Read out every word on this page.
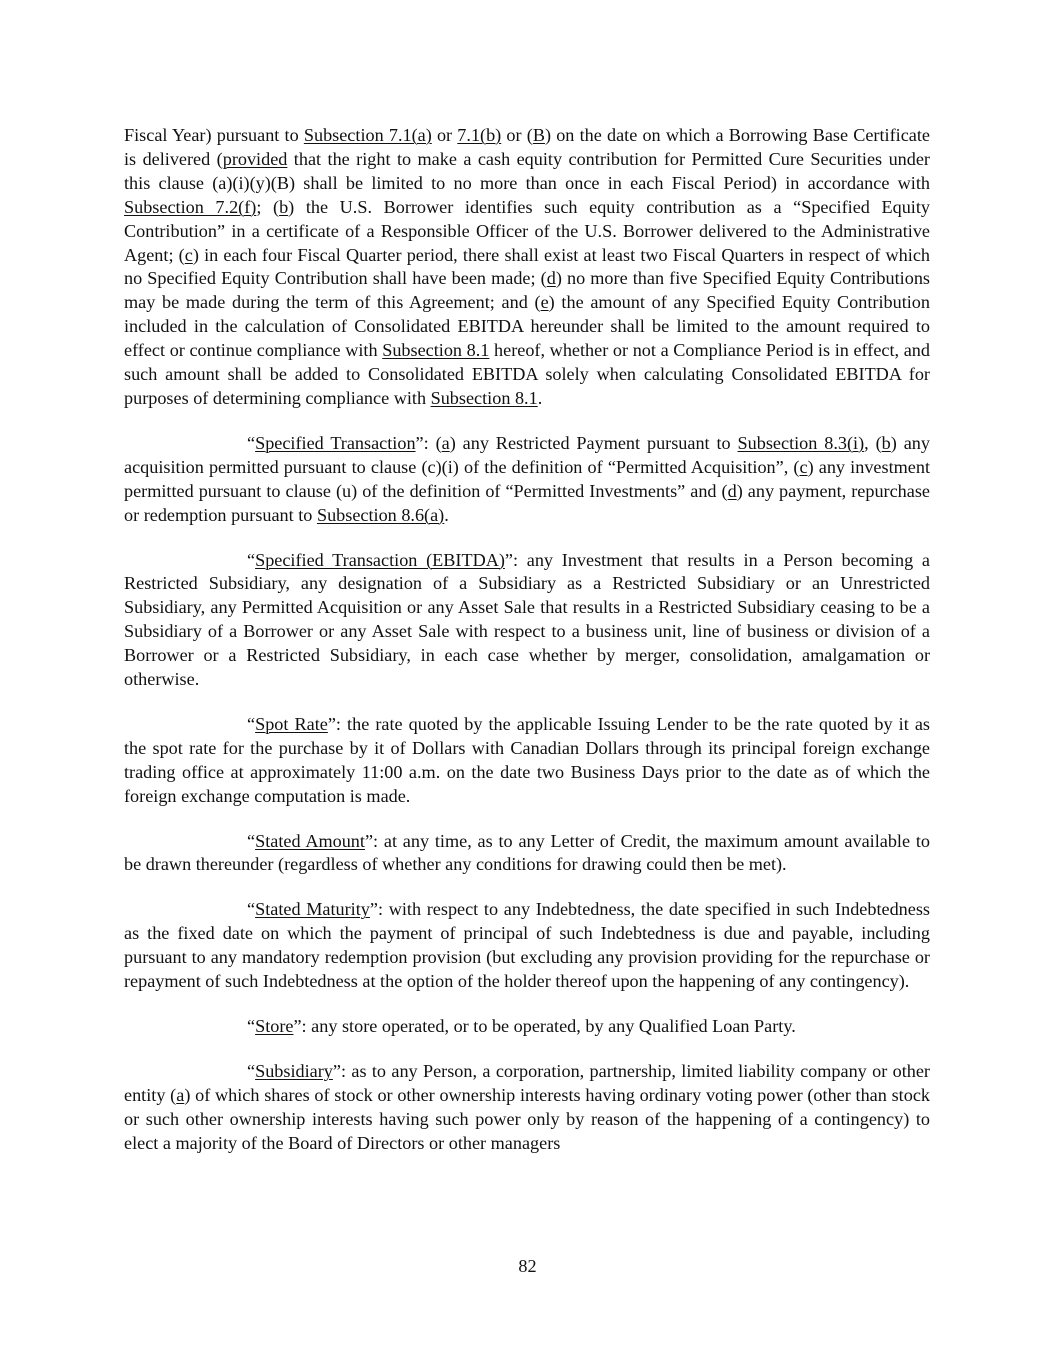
Fiscal Year) pursuant to Subsection 7.1(a) or 7.1(b) or (B) on the date on which a Borrowing Base Certificate is delivered (provided that the right to make a cash equity contribution for Permitted Cure Securities under this clause (a)(i)(y)(B) shall be limited to no more than once in each Fiscal Period) in accordance with Subsection 7.2(f); (b) the U.S. Borrower identifies such equity contribution as a “Specified Equity Contribution” in a certificate of a Responsible Officer of the U.S. Borrower delivered to the Administrative Agent; (c) in each four Fiscal Quarter period, there shall exist at least two Fiscal Quarters in respect of which no Specified Equity Contribution shall have been made; (d) no more than five Specified Equity Contributions may be made during the term of this Agreement; and (e) the amount of any Specified Equity Contribution included in the calculation of Consolidated EBITDA hereunder shall be limited to the amount required to effect or continue compliance with Subsection 8.1 hereof, whether or not a Compliance Period is in effect, and such amount shall be added to Consolidated EBITDA solely when calculating Consolidated EBITDA for purposes of determining compliance with Subsection 8.1.

“Specified Transaction”: (a) any Restricted Payment pursuant to Subsection 8.3(i), (b) any acquisition permitted pursuant to clause (c)(i) of the definition of “Permitted Acquisition”, (c) any investment permitted pursuant to clause (u) of the definition of “Permitted Investments” and (d) any payment, repurchase or redemption pursuant to Subsection 8.6(a).

“Specified Transaction (EBITDA)”: any Investment that results in a Person becoming a Restricted Subsidiary, any designation of a Subsidiary as a Restricted Subsidiary or an Unrestricted Subsidiary, any Permitted Acquisition or any Asset Sale that results in a Restricted Subsidiary ceasing to be a Subsidiary of a Borrower or any Asset Sale with respect to a business unit, line of business or division of a Borrower or a Restricted Subsidiary, in each case whether by merger, consolidation, amalgamation or otherwise.

“Spot Rate”: the rate quoted by the applicable Issuing Lender to be the rate quoted by it as the spot rate for the purchase by it of Dollars with Canadian Dollars through its principal foreign exchange trading office at approximately 11:00 a.m. on the date two Business Days prior to the date as of which the foreign exchange computation is made.

“Stated Amount”: at any time, as to any Letter of Credit, the maximum amount available to be drawn thereunder (regardless of whether any conditions for drawing could then be met).

“Stated Maturity”: with respect to any Indebtedness, the date specified in such Indebtedness as the fixed date on which the payment of principal of such Indebtedness is due and payable, including pursuant to any mandatory redemption provision (but excluding any provision providing for the repurchase or repayment of such Indebtedness at the option of the holder thereof upon the happening of any contingency).

“Store”: any store operated, or to be operated, by any Qualified Loan Party.

“Subsidiary”: as to any Person, a corporation, partnership, limited liability company or other entity (a) of which shares of stock or other ownership interests having ordinary voting power (other than stock or such other ownership interests having such power only by reason of the happening of a contingency) to elect a majority of the Board of Directors or other managers

82
